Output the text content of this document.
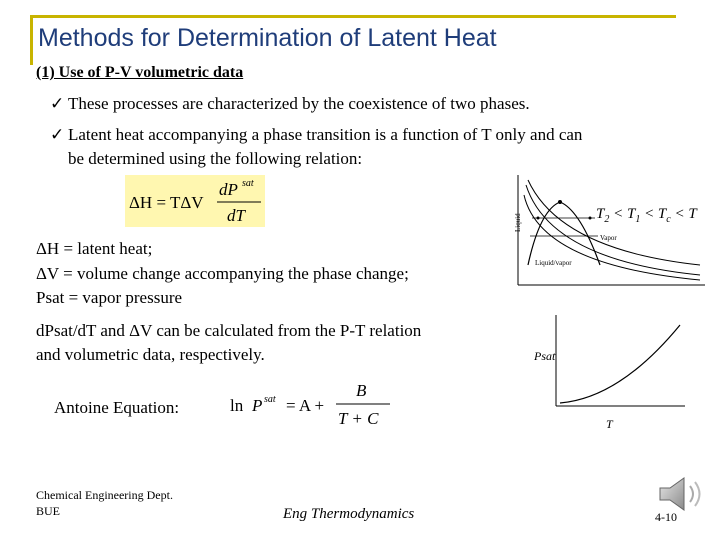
Methods for Determination of Latent Heat
(1) Use of P-V volumetric data
✓ These processes are characterized by the coexistence of two phases.
✓ Latent heat accompanying a phase transition is a function of T only and can
be determined using the following relation:
ΔH = TΔV
dP sat
dT	Liquid
Liquid/vapor
Vapor
$T_2 < T_1 < T_c < T$
ΔH = latent heat;
ΔV = volume change accompanying the phase change;
Psat = vapor pressure
dPsat/dT and ΔV can be calculated from the P-T relation
and volumetric data, respectively.	Psat
T
Antoine Equation:	ln P sat = A +
B
T + C
Chemical Engineering Dept.
BUE	Eng Thermodynamics	4-10
